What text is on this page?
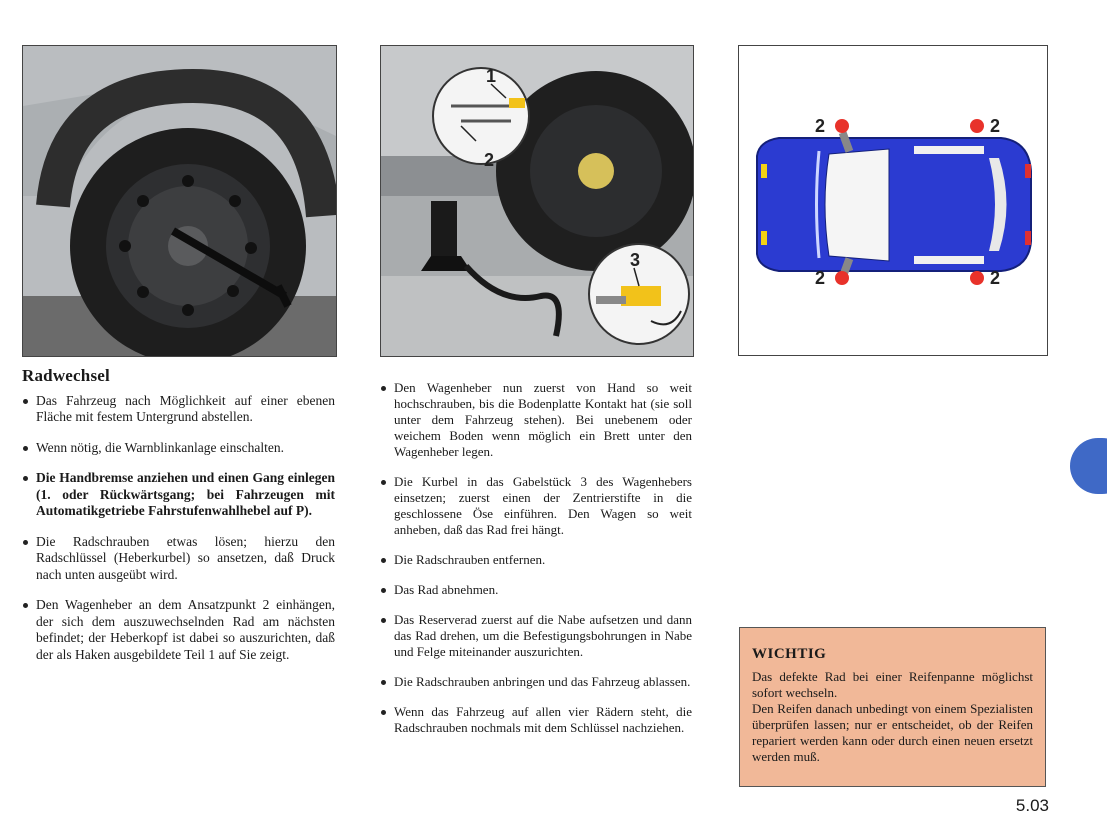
1
2
3
2	2
2	2
Radwechsel
Das Fahrzeug nach Möglichkeit auf einer ebenen Fläche mit festem Untergrund abstellen.
Wenn nötig, die Warnblinkanlage einschalten.
Die Handbremse anziehen und einen Gang einlegen (1. oder Rückwärtsgang; bei Fahrzeugen mit Automatikgetriebe Fahrstufenwahlhebel auf P).
Die Radschrauben etwas lösen; hierzu den Radschlüssel (Heberkurbel) so ansetzen, daß Druck nach unten ausgeübt wird.
Den Wagenheber an dem Ansatzpunkt 2 einhängen, der sich dem auszuwechselnden Rad am nächsten befindet; der Heberkopf ist dabei so auszurichten, daß der als Haken ausgebildete Teil 1 auf Sie zeigt.
Den Wagenheber nun zuerst von Hand so weit hochschrauben, bis die Bodenplatte Kontakt hat (sie soll unter dem Fahrzeug stehen). Bei unebenem oder weichem Boden wenn möglich ein Brett unter den Wagenheber legen.
Die Kurbel in das Gabelstück 3 des Wagenhebers einsetzen; zuerst einen der Zentrierstifte in die geschlossene Öse einführen. Den Wagen so weit anheben, daß das Rad frei hängt.
Die Radschrauben entfernen.
Das Rad abnehmen.
Das Reserverad zuerst auf die Nabe aufsetzen und dann das Rad drehen, um die Befestigungsbohrungen in Nabe und Felge miteinander auszurichten.
Die Radschrauben anbringen und das Fahrzeug ablassen.
Wenn das Fahrzeug auf allen vier Rädern steht, die Radschrauben nochmals mit dem Schlüssel nachziehen.
WICHTIG
Das defekte Rad bei einer Reifenpanne möglichst sofort wechseln.
Den Reifen danach unbedingt von einem Spezialisten überprüfen lassen; nur er entscheidet, ob der Reifen repariert werden kann oder durch einen neuen ersetzt werden muß.
5.03
